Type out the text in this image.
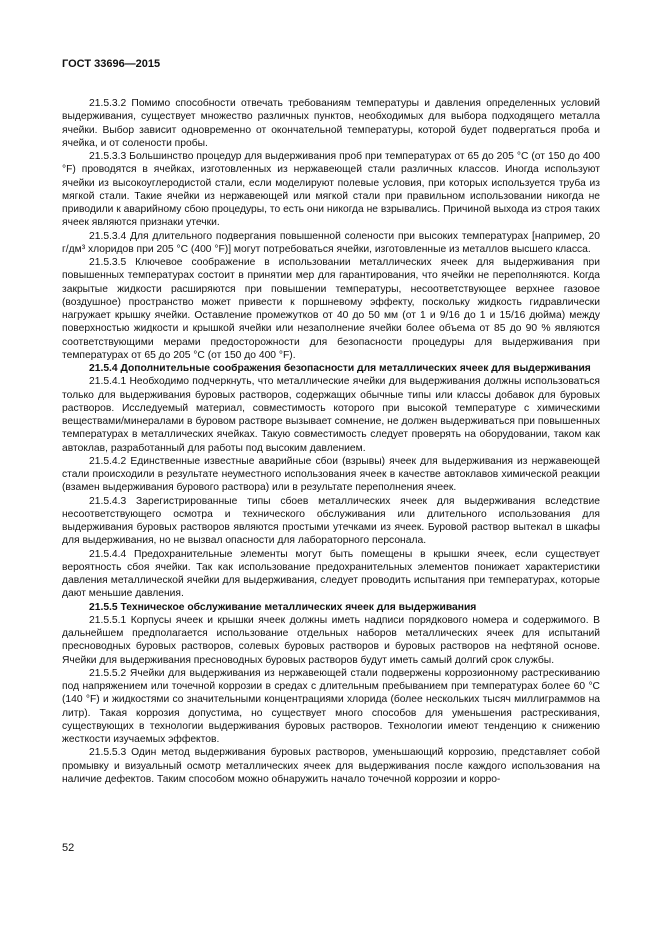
ГОСТ 33696—2015

21.5.3.2 Помимо способности отвечать требованиям температуры и давления определенных условий выдерживания, существует множество различных пунктов, необходимых для выбора подходящего металла ячейки. Выбор зависит одновременно от окончательной температуры, которой будет подвергаться проба и ячейка, и от солености пробы.

21.5.3.3 Большинство процедур для выдерживания проб при температурах от 65 до 205 °С (от 150 до 400 °F) проводятся в ячейках, изготовленных из нержавеющей стали различных классов. Иногда используют ячейки из высокоуглеродистой стали, если моделируют полевые условия, при которых используется труба из мягкой стали. Такие ячейки из нержавеющей или мягкой стали при правильном использовании никогда не приводили к аварийному сбою процедуры, то есть они никогда не взрывались. Причиной выхода из строя таких ячеек являются признаки утечки.

21.5.3.4 Для длительного подвергания повышенной солености при высоких температурах [например, 20 г/дм³ хлоридов при 205 °С (400 °F)] могут потребоваться ячейки, изготовленные из металлов высшего класса.

21.5.3.5 Ключевое соображение в использовании металлических ячеек для выдерживания при повышенных температурах состоит в принятии мер для гарантирования, что ячейки не переполняются. Когда закрытые жидкости расширяются при повышении температуры, несоответствующее верхнее газовое (воздушное) пространство может привести к поршневому эффекту, поскольку жидкость гидравлически нагружает крышку ячейки. Оставление промежутков от 40 до 50 мм (от 1 и 9/16 до 1 и 15/16 дюйма) между поверхностью жидкости и крышкой ячейки или незаполнение ячейки более объема от 85 до 90 % являются соответствующими мерами предосторожности для безопасности процедуры для выдерживания при температурах от 65 до 205 °С (от 150 до 400 °F).

21.5.4 Дополнительные соображения безопасности для металлических ячеек для выдерживания

21.5.4.1 Необходимо подчеркнуть, что металлические ячейки для выдерживания должны использоваться только для выдерживания буровых растворов, содержащих обычные типы или классы добавок для буровых растворов. Исследуемый материал, совместимость которого при высокой температуре с химическими веществами/минералами в буровом растворе вызывает сомнение, не должен выдерживаться при повышенных температурах в металлических ячейках. Такую совместимость следует проверять на оборудовании, таком как автоклав, разработанный для работы под высоким давлением.

21.5.4.2 Единственные известные аварийные сбои (взрывы) ячеек для выдерживания из нержавеющей стали происходили в результате неуместного использования ячеек в качестве автоклавов химической реакции (взамен выдерживания бурового раствора) или в результате переполнения ячеек.

21.5.4.3 Зарегистрированные типы сбоев металлических ячеек для выдерживания вследствие несоответствующего осмотра и технического обслуживания или длительного использования для выдерживания буровых растворов являются простыми утечками из ячеек. Буровой раствор вытекал в шкафы для выдерживания, но не вызвал опасности для лабораторного персонала.

21.5.4.4 Предохранительные элементы могут быть помещены в крышки ячеек, если существует вероятность сбоя ячейки. Так как использование предохранительных элементов понижает характеристики давления металлической ячейки для выдерживания, следует проводить испытания при температурах, которые дают меньшие давления.

21.5.5 Техническое обслуживание металлических ячеек для выдерживания

21.5.5.1 Корпусы ячеек и крышки ячеек должны иметь надписи порядкового номера и содержимого. В дальнейшем предполагается использование отдельных наборов металлических ячеек для испытаний пресноводных буровых растворов, солевых буровых растворов и буровых растворов на нефтяной основе. Ячейки для выдерживания пресноводных буровых растворов будут иметь самый долгий срок службы.

21.5.5.2 Ячейки для выдерживания из нержавеющей стали подвержены коррозионному растрескиванию под напряжением или точечной коррозии в средах с длительным пребыванием при температурах более 60 °С (140 °F) и жидкостями со значительными концентрациями хлорида (более нескольких тысяч миллиграммов на литр). Такая коррозия допустима, но существует много способов для уменьшения растрескивания, существующих в технологии выдерживания буровых растворов. Технологии имеют тенденцию к снижению жесткости изучаемых эффектов.

21.5.5.3 Один метод выдерживания буровых растворов, уменьшающий коррозию, представляет собой промывку и визуальный осмотр металлических ячеек для выдерживания после каждого использования на наличие дефектов. Таким способом можно обнаружить начало точечной коррозии и корро-

52
